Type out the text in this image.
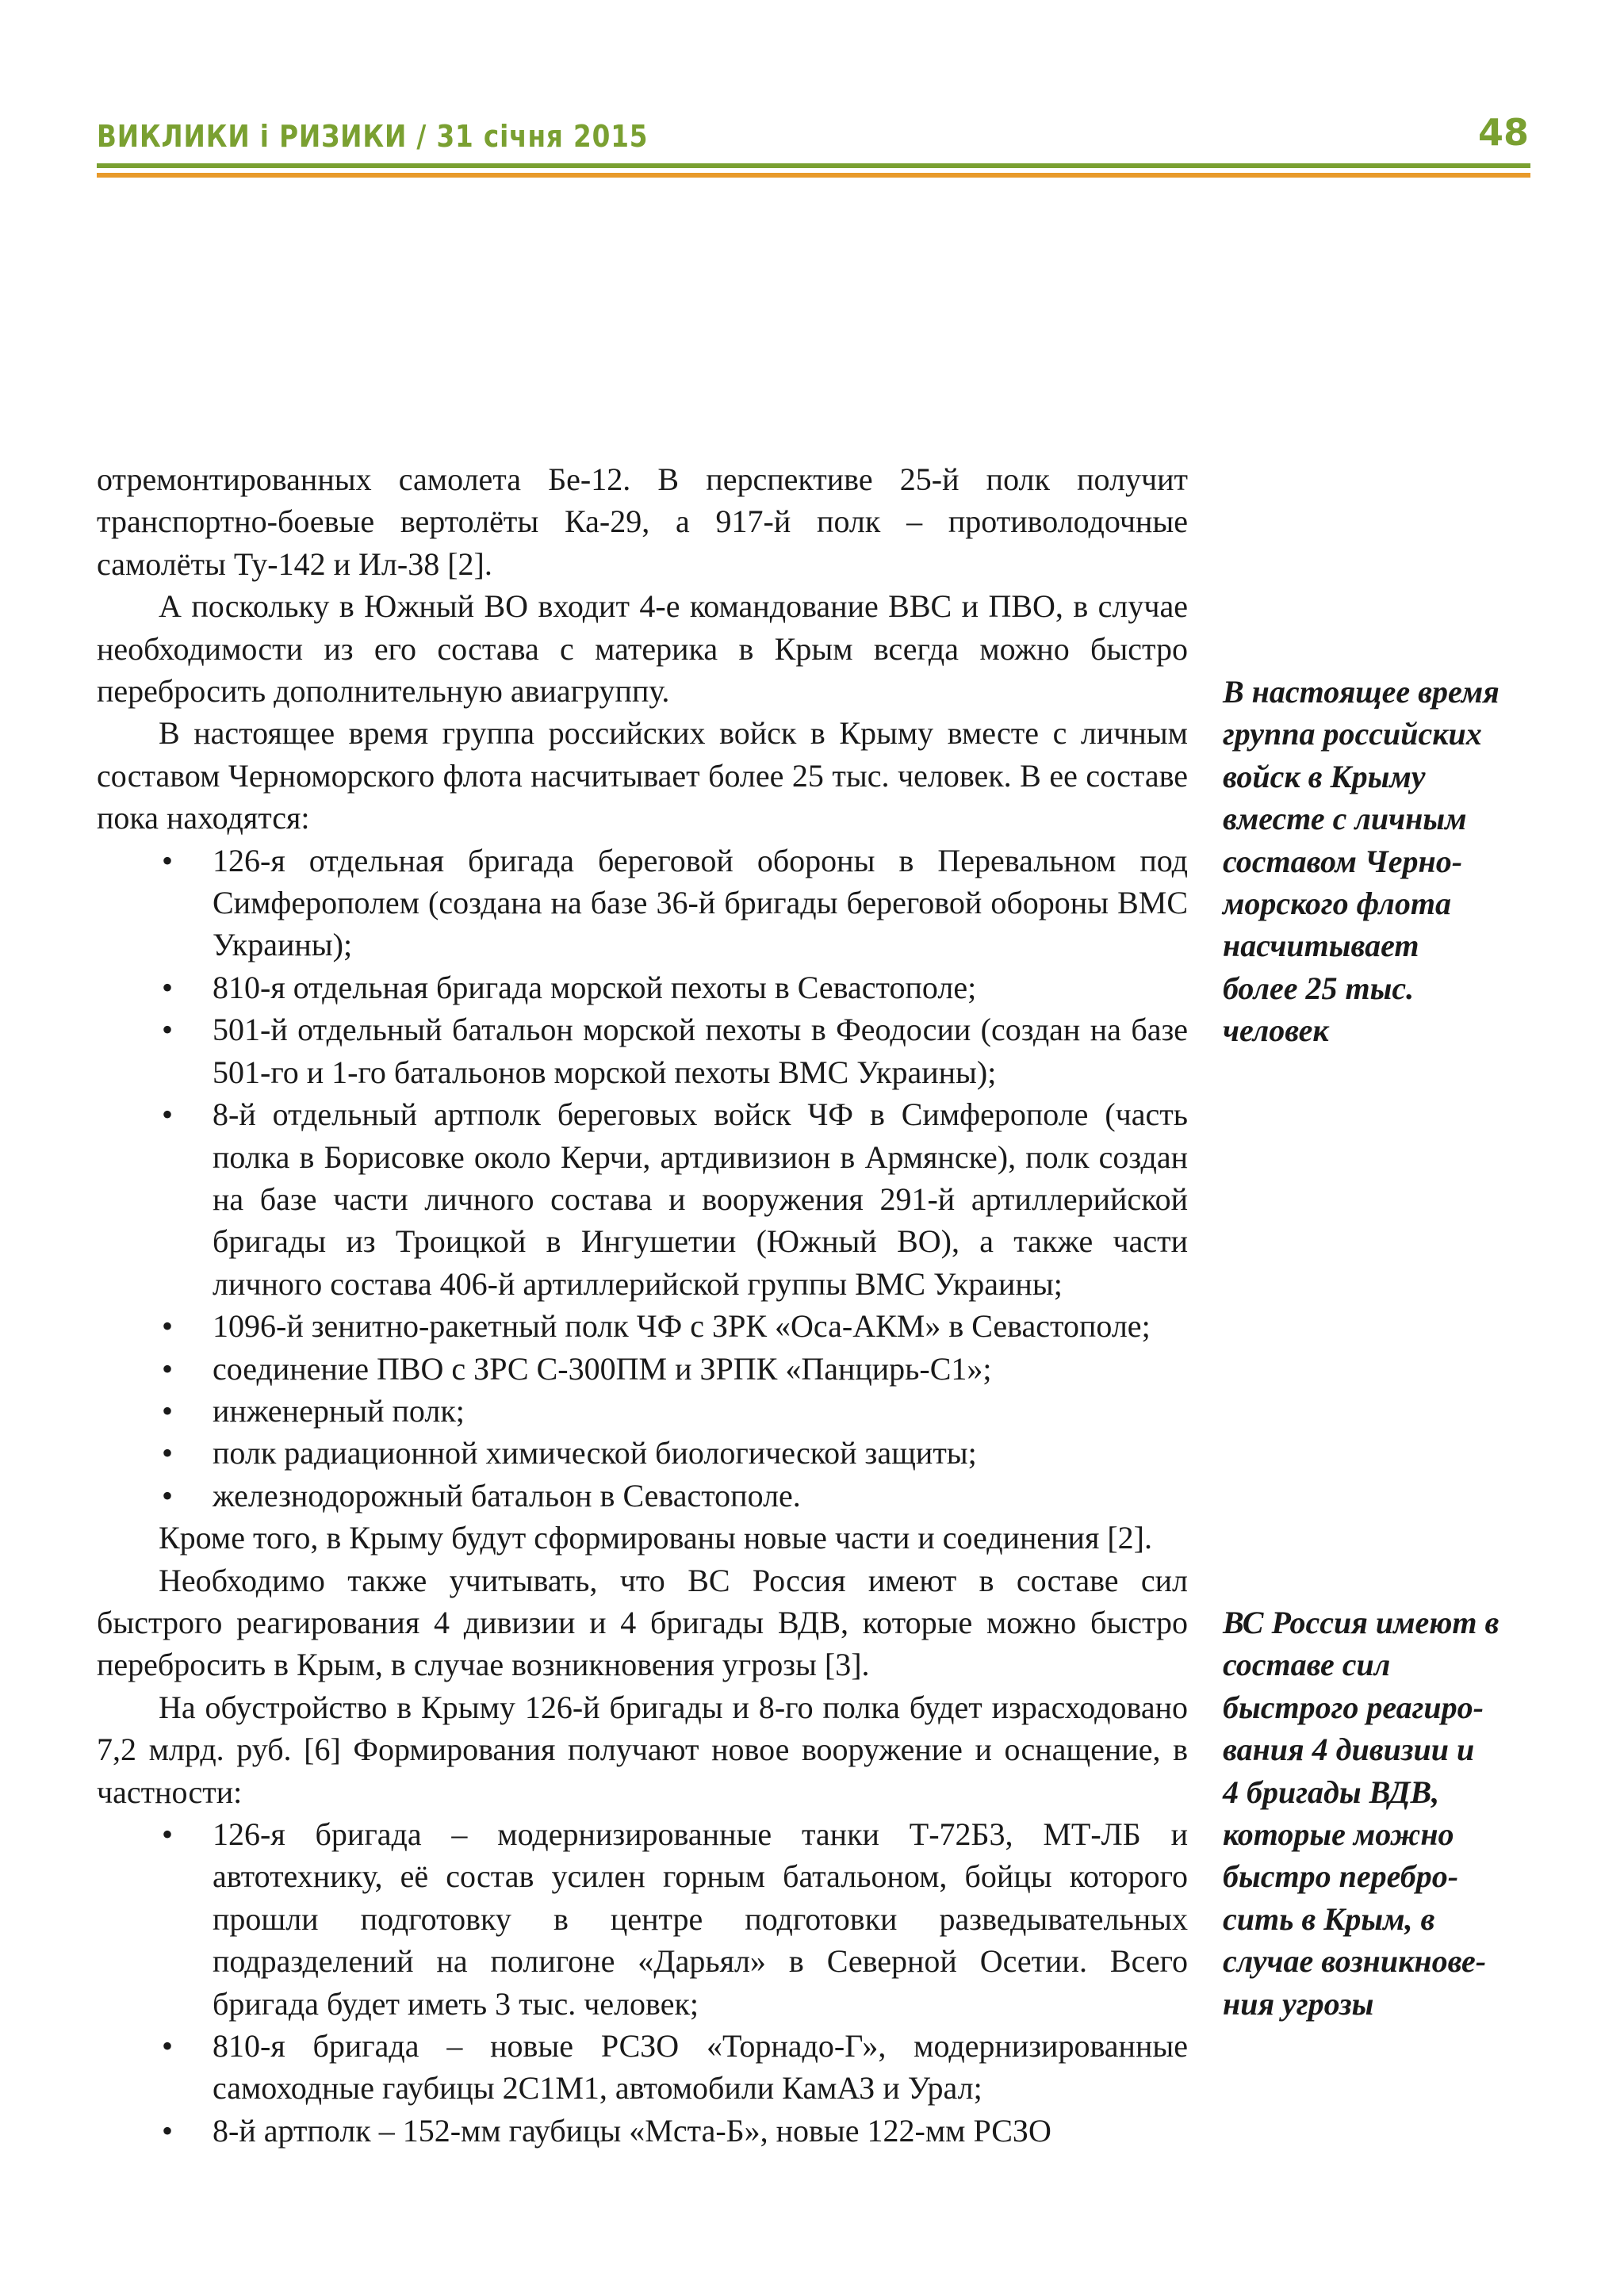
ВИКЛИКИ і РИЗИКИ / 31 січня 2015	48

отремонтированных самолета Бе-12. В перспективе 25-й полк получит транспортно-боевые вертолёты Ка-29, а 917-й полк – противолодочные самолёты Ту-142 и Ил-38 [2].

А поскольку в Южный ВО входит 4-е командование ВВС и ПВО, в случае необходимости из его состава с материка в Крым всегда можно быстро перебросить дополнительную авиагруппу.

В настоящее время группа российских войск в Крыму вместе с личным составом Черноморского флота насчитывает более 25 тыс. человек. В ее составе пока находятся:

• 126-я отдельная бригада береговой обороны в Перевальном под Симферополем (создана на базе 36-й бригады береговой обороны ВМС Украины);
• 810-я отдельная бригада морской пехоты в Севастополе;
• 501-й отдельный батальон морской пехоты в Феодосии (создан на базе 501-го и 1-го батальонов морской пехоты ВМС Украины);
• 8-й отдельный артполк береговых войск ЧФ в Симферополе (часть полка в Борисовке около Керчи, артдивизион в Армянске), полк создан на базе части личного состава и вооружения 291-й артиллерийской бригады из Троицкой в Ингушетии (Южный ВО), а также части личного состава 406-й артиллерийской группы ВМС Украины;
• 1096-й зенитно-ракетный полк ЧФ с ЗРК «Оса-АКМ» в Севастополе;
• соединение ПВО с ЗРС С-300ПМ и ЗРПК «Панцирь-С1»;
• инженерный полк;
• полк радиационной химической биологической защиты;
• железнодорожный батальон в Севастополе.

Кроме того, в Крыму будут сформированы новые части и соединения [2].

Необходимо также учитывать, что ВС Россия имеют в составе сил быстрого реагирования 4 дивизии и 4 бригады ВДВ, которые можно быстро перебросить в Крым, в случае возникновения угрозы [3].

На обустройство в Крыму 126-й бригады и 8-го полка будет израсходовано 7,2 млрд. руб. [6] Формирования получают новое вооружение и оснащение, в частности:

• 126-я бригада – модернизированные танки Т-72Б3, МТ-ЛБ и автотехнику, её состав усилен горным батальоном, бойцы которого прошли подготовку в центре подготовки разведывательных подразделений на полигоне «Дарьял» в Северной Осетии. Всего бригада будет иметь 3 тыс. человек;
• 810-я бригада – новые РСЗО «Торнадо-Г», модернизированные самоходные гаубицы 2С1М1, автомобили КамАЗ и Урал;
• 8-й артполк – 152-мм гаубицы «Мста-Б», новые 122-мм РСЗО
В настоящее время
группа российских
войск в Крыму
вместе с личным
составом Черно-
морского флота
насчитывает
более 25 тыс.
человек
ВС Россия имеют в
составе сил
быстрого реагиро-
вания 4 дивизии и
4 бригады ВДВ,
которые можно
быстро перебро-
сить в Крым, в
случае возникнове-
ния угрозы
